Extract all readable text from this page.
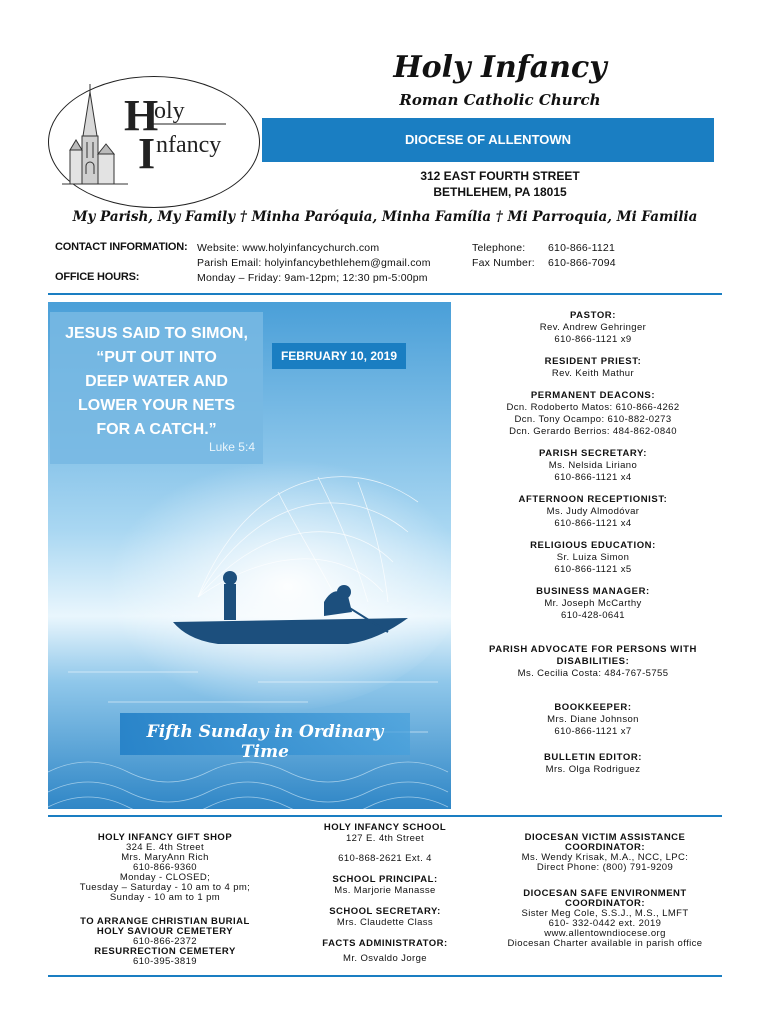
H
oly
I nfancy
Holy Infancy
Roman Catholic Church
DIOCESE OF ALLENTOWN
312 EAST FOURTH STREET
BETHLEHEM, PA 18015
My Parish, My Family † Minha Paróquia, Minha Família † Mi Parroquia, Mi Familia
CONTACT INFORMATION:
OFFICE HOURS:
Website: www.holyinfancychurch.com
Parish Email: holyinfancybethlehem@gmail.com
Monday – Friday: 9am-12pm; 12:30 pm-5:00pm
Telephone:
Fax Number:
610-866-1121
610-866-7094
JESUS SAID TO SIMON,
“PUT OUT INTO
DEEP WATER AND
LOWER YOUR NETS
FOR A CATCH.”
Luke 5:4
FEBRUARY 10, 2019
Fifth Sunday in Ordinary Time
PASTOR:
Rev. Andrew Gehringer
610-866-1121 x9
RESIDENT PRIEST:
Rev. Keith Mathur
PERMANENT DEACONS:
Dcn. Rodoberto Matos: 610-866-4262
Dcn. Tony Ocampo: 610-882-0273
Dcn. Gerardo Berrios: 484-862-0840
PARISH SECRETARY:
Ms. Nelsida Liriano
610-866-1121 x4
AFTERNOON RECEPTIONIST:
Ms. Judy Almodóvar
610-866-1121 x4
RELIGIOUS EDUCATION:
Sr. Luiza Simon
610-866-1121 x5
BUSINESS MANAGER:
Mr. Joseph McCarthy
610-428-0641
PARISH ADVOCATE FOR PERSONS WITH DISABILITIES:
Ms. Cecilia Costa: 484-767-5755
BOOKKEEPER:
Mrs. Diane Johnson
610-866-1121 x7
BULLETIN EDITOR:
Mrs. Olga Rodriguez
HOLY INFANCY GIFT SHOP
324 E. 4th Street
Mrs. MaryAnn Rich
610-866-9360
Monday - CLOSED;
Tuesday – Saturday - 10 am to 4 pm;
Sunday - 10 am to 1 pm
TO ARRANGE CHRISTIAN BURIAL
HOLY SAVIOUR CEMETERY
610-866-2372
RESURRECTION CEMETERY
610-395-3819
HOLY INFANCY SCHOOL
127 E. 4th Street
610-868-2621 Ext. 4
SCHOOL PRINCIPAL:
Ms. Marjorie Manasse
SCHOOL SECRETARY:
Mrs. Claudette Class
FACTS ADMINISTRATOR:
Mr. Osvaldo Jorge
DIOCESAN VICTIM ASSISTANCE
COORDINATOR:
Ms. Wendy Krisak, M.A., NCC, LPC:
Direct Phone: (800) 791-9209
DIOCESAN SAFE ENVIRONMENT
COORDINATOR:
Sister Meg Cole, S.S.J., M.S., LMFT
610- 332-0442 ext. 2019
www.allentowndiocese.org
Diocesan Charter available in parish office
